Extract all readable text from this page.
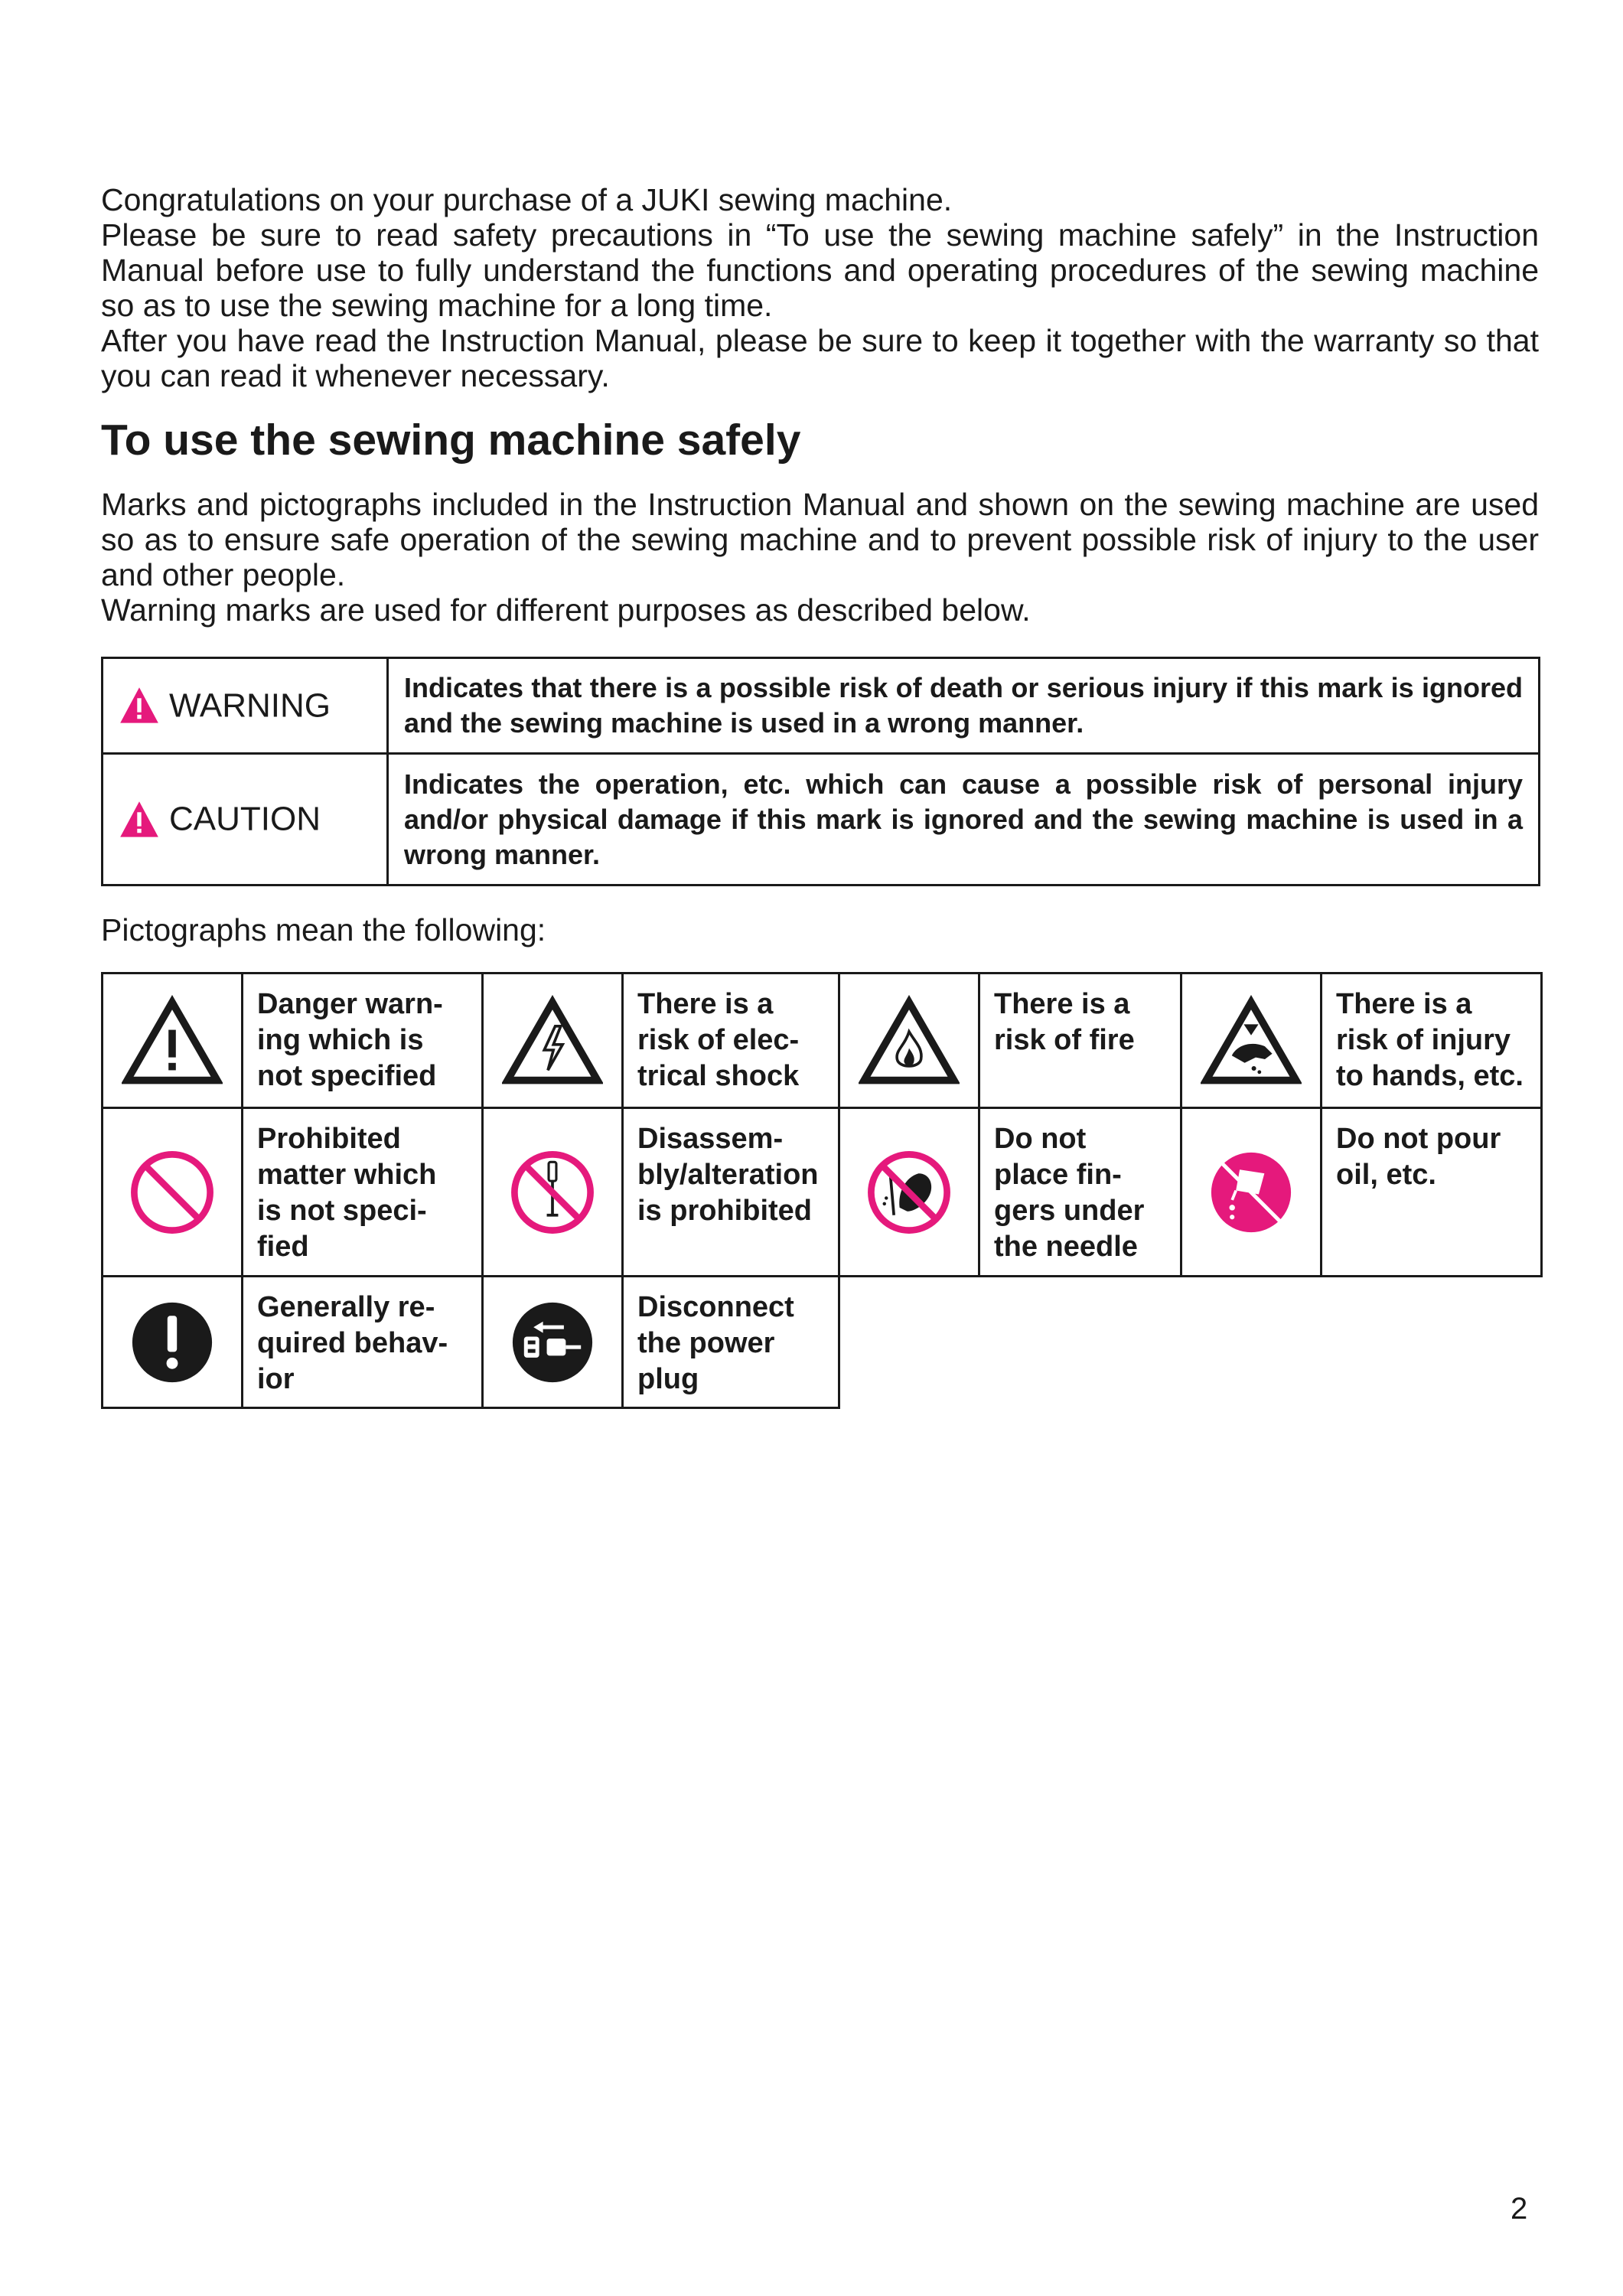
Congratulations on your purchase of a JUKI sewing machine.

Please be sure to read safety precautions in “To use the sewing machine safely” in the Instruction Manual before use to fully understand the functions and operating procedures of the sewing machine so as to use the sewing machine for a long time.

After you have read the Instruction Manual, please be sure to keep it together with the warranty so that you can read it whenever necessary.

To use the sewing machine safely

Marks and pictographs included in the Instruction Manual and shown on the sewing machine are used so as to ensure safe operation of the sewing machine and to prevent possible risk of injury to the user and other people.

Warning marks are used for different purposes as described below.

WARNING	Indicates that there is a possible risk of death or serious injury if this mark is ignored and the sewing machine is used in a wrong manner.
CAUTION	Indicates the operation, etc. which can cause a possible risk of personal injury and/or physical damage if this mark is ignored and the sewing machine is used in a wrong manner.

Pictographs mean the following:

	Danger warn-
ing which is
not specified		There is a
risk of elec-
trical shock		There is a
risk of fire		There is a
risk of injury
to hands, etc.

	Prohibited
matter which
is not speci-
fied		Disassem-
bly/alteration
is prohibited		Do not
place fin-
gers under
the needle		Do not pour
oil, etc.

	Generally re-
quired behav-
ior		Disconnect
the power
plug				
2
